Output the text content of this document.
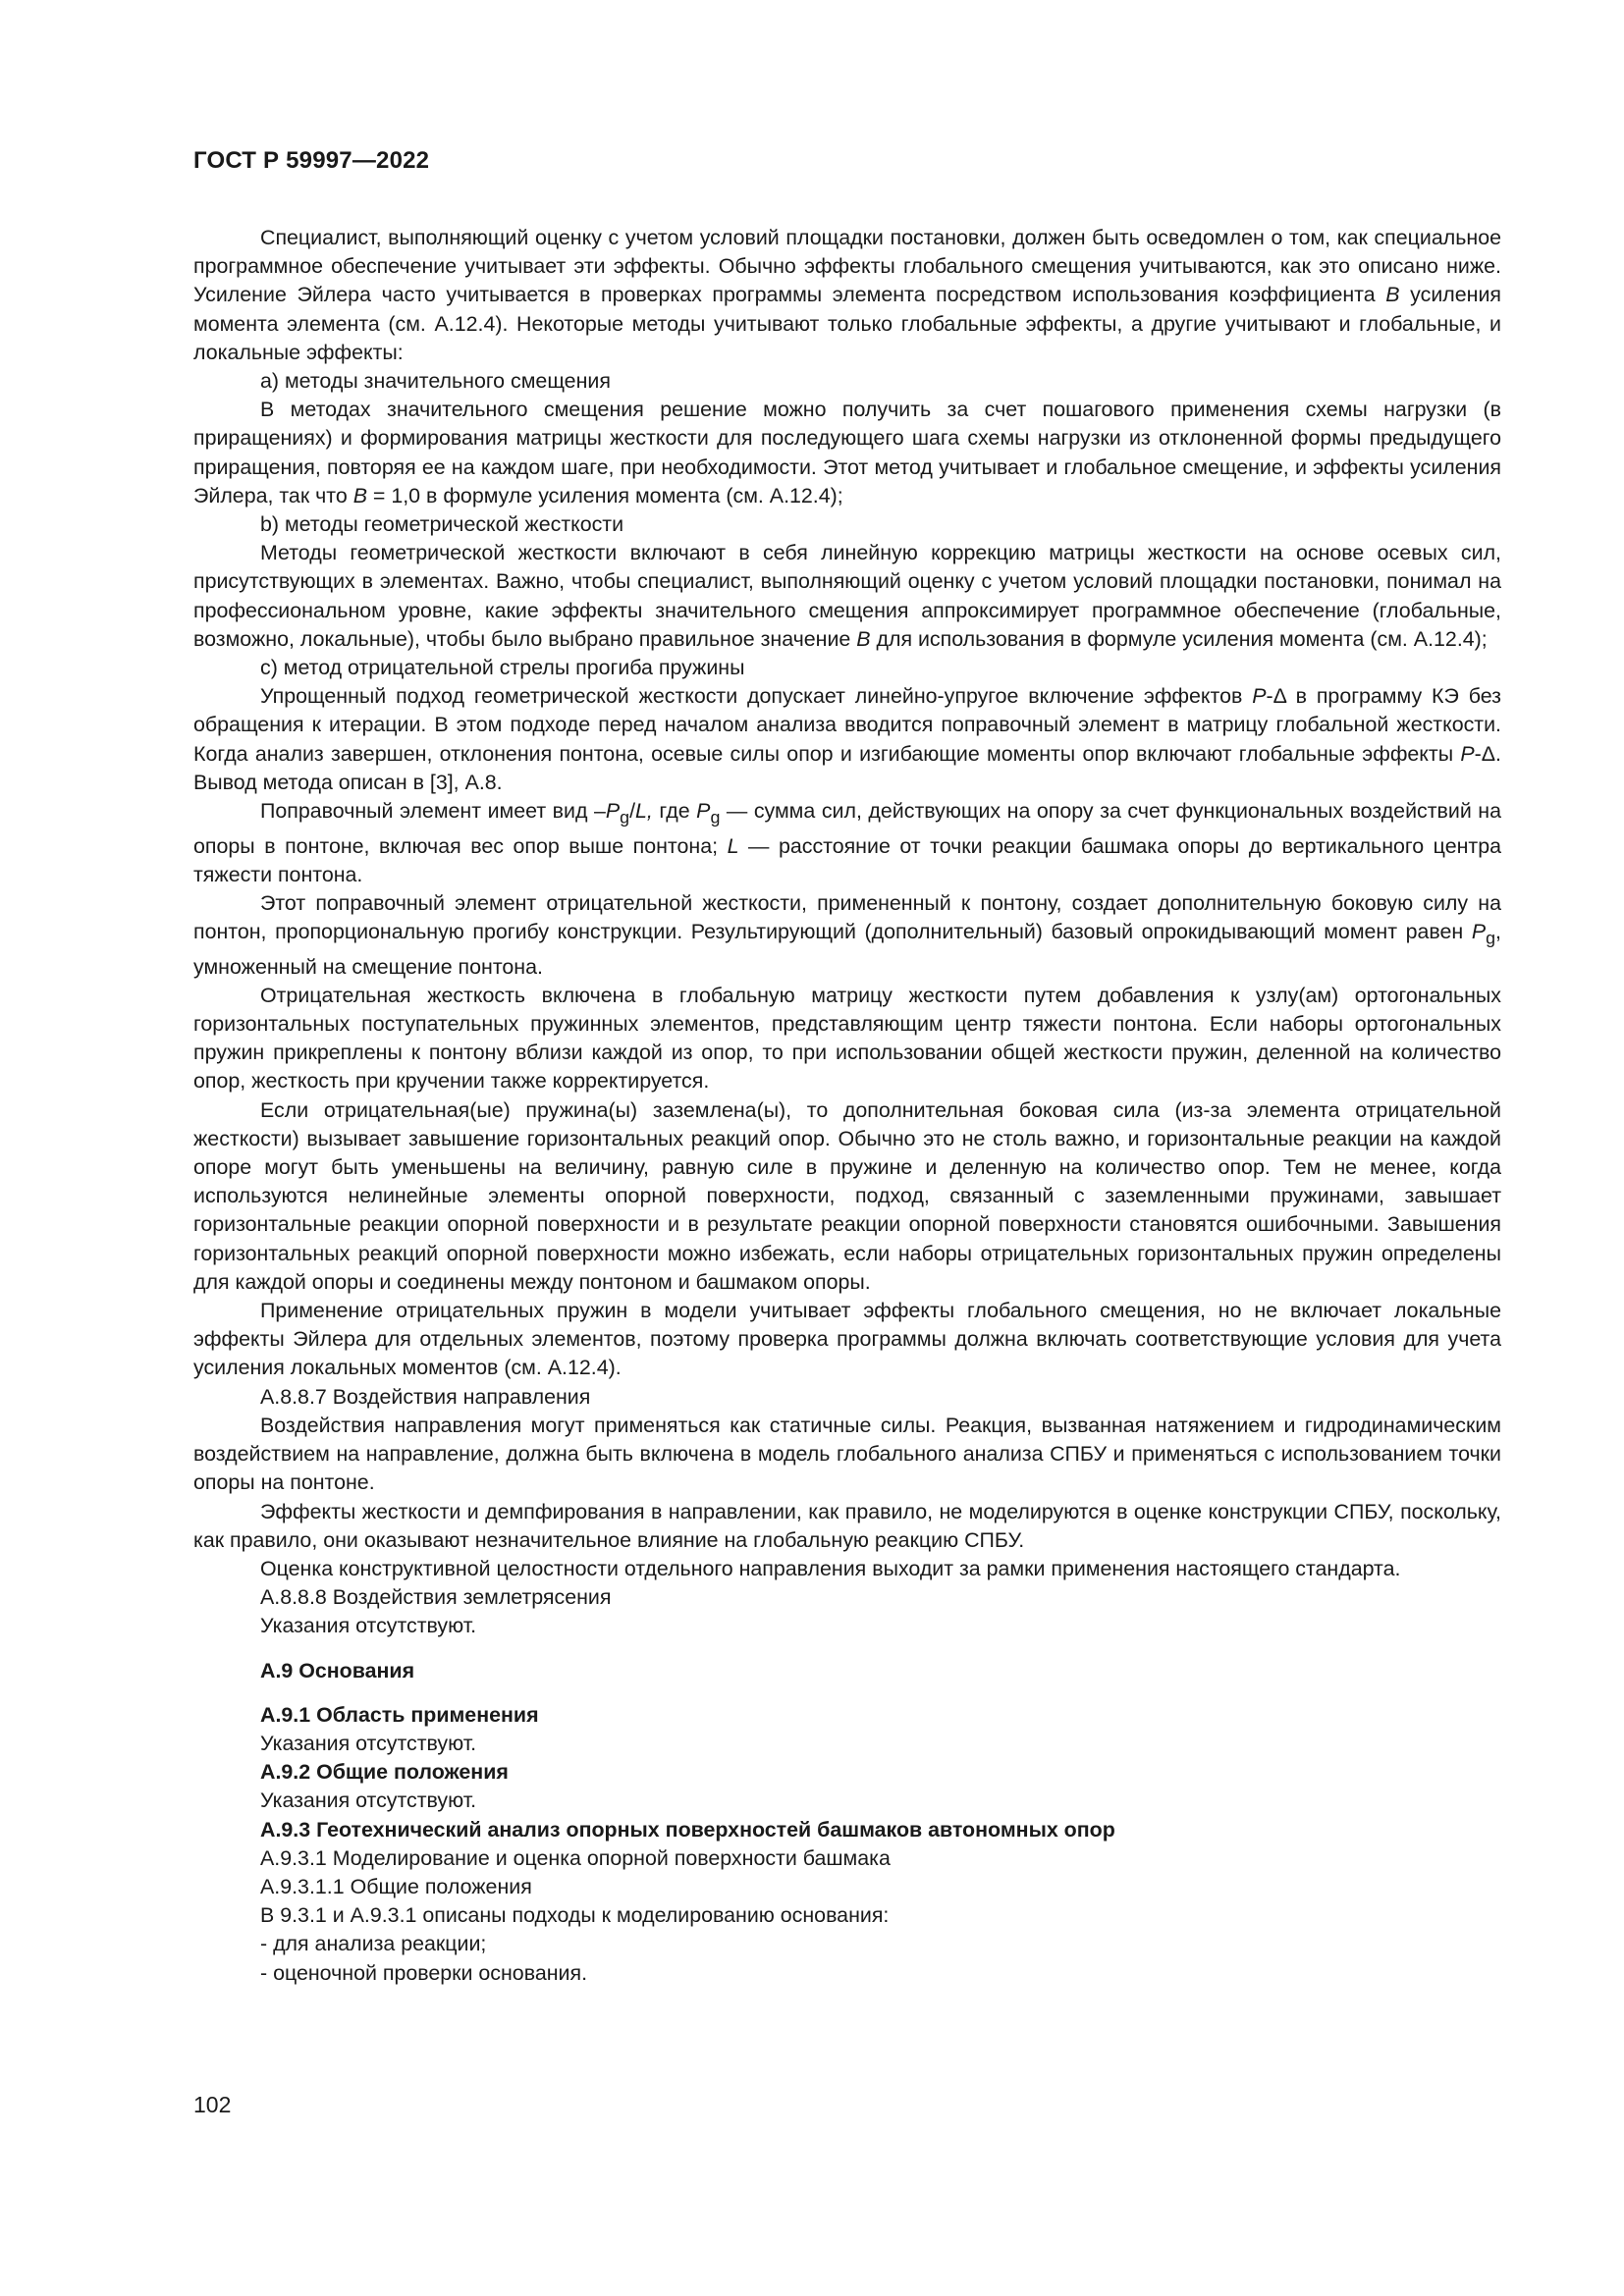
ГОСТ Р 59997—2022

Специалист, выполняющий оценку с учетом условий площадки постановки, должен быть осведомлен о том, как специальное программное обеспечение учитывает эти эффекты. Обычно эффекты глобального смещения учитываются, как это описано ниже. Усиление Эйлера часто учитывается в проверках программы элемента посредством использования коэффициента B усиления момента элемента (см. А.12.4). Некоторые методы учитывают только глобальные эффекты, а другие учитывают и глобальные, и локальные эффекты:

а) методы значительного смещения

В методах значительного смещения решение можно получить за счет пошагового применения схемы нагрузки (в приращениях) и формирования матрицы жесткости для последующего шага схемы нагрузки из отклоненной формы предыдущего приращения, повторяя ее на каждом шаге, при необходимости. Этот метод учитывает и глобальное смещение, и эффекты усиления Эйлера, так что B = 1,0 в формуле усиления момента (см. А.12.4);

b) методы геометрической жесткости

Методы геометрической жесткости включают в себя линейную коррекцию матрицы жесткости на основе осевых сил, присутствующих в элементах. Важно, чтобы специалист, выполняющий оценку с учетом условий площадки постановки, понимал на профессиональном уровне, какие эффекты значительного смещения аппроксимирует программное обеспечение (глобальные, возможно, локальные), чтобы было выбрано правильное значение B для использования в формуле усиления момента (см. А.12.4);

с) метод отрицательной стрелы прогиба пружины

Упрощенный подход геометрической жесткости допускает линейно-упругое включение эффектов P-Δ в программу КЭ без обращения к итерации. В этом подходе перед началом анализа вводится поправочный элемент в матрицу глобальной жесткости. Когда анализ завершен, отклонения понтона, осевые силы опор и изгибающие моменты опор включают глобальные эффекты P-Δ. Вывод метода описан в [3], А.8.

Поправочный элемент имеет вид $-P_g/L$, где $P_g$ — сумма сил, действующих на опору за счет функциональных воздействий на опоры в понтоне, включая вес опор выше понтона; L — расстояние от точки реакции башмака опоры до вертикального центра тяжести понтона.

Этот поправочный элемент отрицательной жесткости, примененный к понтону, создает дополнительную боковую силу на понтон, пропорциональную прогибу конструкции. Результирующий (дополнительный) базовый опрокидывающий момент равен $P_g$, умноженный на смещение понтона.

Отрицательная жесткость включена в глобальную матрицу жесткости путем добавления к узлу(ам) ортогональных горизонтальных поступательных пружинных элементов, представляющим центр тяжести понтона. Если наборы ортогональных пружин прикреплены к понтону вблизи каждой из опор, то при использовании общей жесткости пружин, деленной на количество опор, жесткость при кручении также корректируется.

Если отрицательная(ые) пружина(ы) заземлена(ы), то дополнительная боковая сила (из-за элемента отрицательной жесткости) вызывает завышение горизонтальных реакций опор. Обычно это не столь важно, и горизонтальные реакции на каждой опоре могут быть уменьшены на величину, равную силе в пружине и деленную на количество опор. Тем не менее, когда используются нелинейные элементы опорной поверхности, подход, связанный с заземленными пружинами, завышает горизонтальные реакции опорной поверхности и в результате реакции опорной поверхности становятся ошибочными. Завышения горизонтальных реакций опорной поверхности можно избежать, если наборы отрицательных горизонтальных пружин определены для каждой опоры и соединены между понтоном и башмаком опоры.

Применение отрицательных пружин в модели учитывает эффекты глобального смещения, но не включает локальные эффекты Эйлера для отдельных элементов, поэтому проверка программы должна включать соответствующие условия для учета усиления локальных моментов (см. А.12.4).

А.8.8.7 Воздействия направления

Воздействия направления могут применяться как статичные силы. Реакция, вызванная натяжением и гидродинамическим воздействием на направление, должна быть включена в модель глобального анализа СПБУ и применяться с использованием точки опоры на понтоне.

Эффекты жесткости и демпфирования в направлении, как правило, не моделируются в оценке конструкции СПБУ, поскольку, как правило, они оказывают незначительное влияние на глобальную реакцию СПБУ.

Оценка конструктивной целостности отдельного направления выходит за рамки применения настоящего стандарта.

А.8.8.8 Воздействия землетрясения

Указания отсутствуют.

А.9 Основания

А.9.1 Область применения

Указания отсутствуют.

А.9.2 Общие положения

Указания отсутствуют.

А.9.3 Геотехнический анализ опорных поверхностей башмаков автономных опор

А.9.3.1 Моделирование и оценка опорной поверхности башмака

А.9.3.1.1 Общие положения

В 9.3.1 и А.9.3.1 описаны подходы к моделированию основания:

- для анализа реакции;

- оценочной проверки основания.

102
